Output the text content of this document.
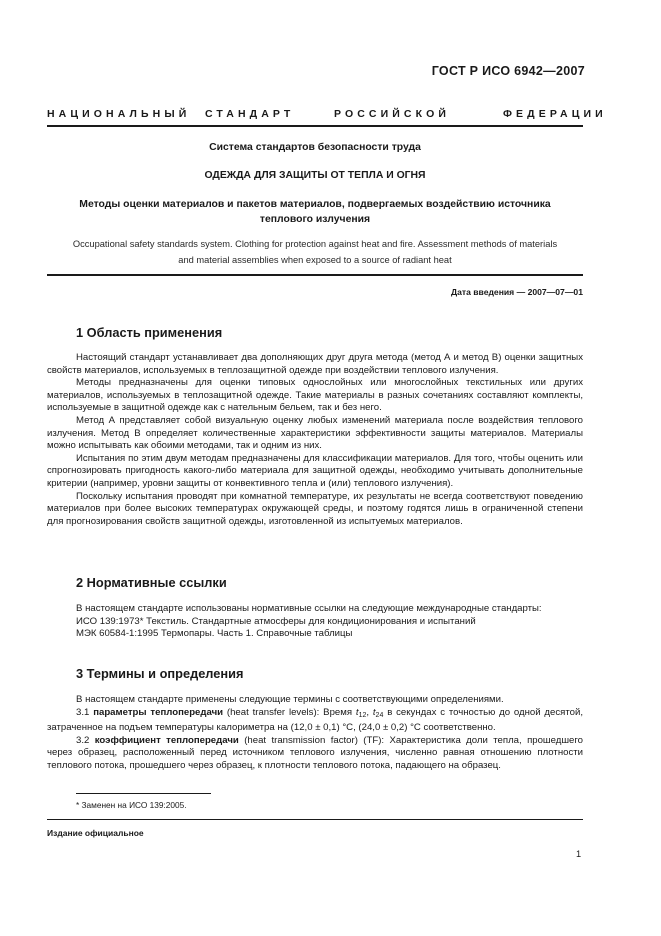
ГОСТ Р ИСО 6942—2007
НАЦИОНАЛЬНЫЙ СТАНДАРТ	РОССИЙСКОЙ	ФЕДЕРАЦИИ
Система стандартов безопасности труда
ОДЕЖДА ДЛЯ ЗАЩИТЫ ОТ ТЕПЛА И ОГНЯ
Методы оценки материалов и пакетов материалов, подвергаемых воздействию источника
теплового излучения
Occupational safety standards system. Clothing for protection against heat and fire. Assessment methods of materials
and material assemblies when exposed to a source of radiant heat
Дата введения — 2007—07—01
1 Область применения

Настоящий стандарт устанавливает два дополняющих друг друга метода (метод А и метод В) оценки защитных свойств материалов, используемых в теплозащитной одежде при воздействии теплового излучения.

Методы предназначены для оценки типовых однослойных или многослойных текстильных или других материалов, используемых в теплозащитной одежде. Такие материалы в разных сочетаниях составляют комплекты, используемые в защитной одежде как с нательным бельем, так и без него.

Метод А представляет собой визуальную оценку любых изменений материала после воздействия теплового излучения. Метод В определяет количественные характеристики эффективности защиты материалов. Материалы можно испытывать как обоими методами, так и одним из них.

Испытания по этим двум методам предназначены для классификации материалов. Для того, чтобы оценить или спрогнозировать пригодность какого-либо материала для защитной одежды, необходимо учитывать дополнительные критерии (например, уровни защиты от конвективного тепла и (или) теплового излучения).

Поскольку испытания проводят при комнатной температуре, их результаты не всегда соответствуют поведению материалов при более высоких температурах окружающей среды, и поэтому годятся лишь в ограниченной степени для прогнозирования свойств защитной одежды, изготовленной из испытуемых материалов.

2 Нормативные ссылки

В настоящем стандарте использованы нормативные ссылки на следующие международные стандарты:

ИСО 139:1973* Текстиль. Стандартные атмосферы для кондиционирования и испытаний

МЭК 60584-1:1995 Термопары. Часть 1. Справочные таблицы

3 Термины и определения

В настоящем стандарте применены следующие термины с соответствующими определениями.

3.1 параметры теплопередачи (heat transfer levels): Время $t_{12}$, $t_{24}$ в секундах с точностью до одной десятой, затраченное на подъем температуры калориметра на (12,0 ± 0,1) °C, (24,0 ± 0,2) °C соответственно.

3.2 коэффициент теплопередачи (heat transmission factor) (TF): Характеристика доли тепла, прошедшего через образец, расположенный перед источником теплового излучения, численно равная отношению плотности теплового потока, прошедшего через образец, к плотности теплового потока, падающего на образец.

* Заменен на ИСО 139:2005.
Издание официальное
1
